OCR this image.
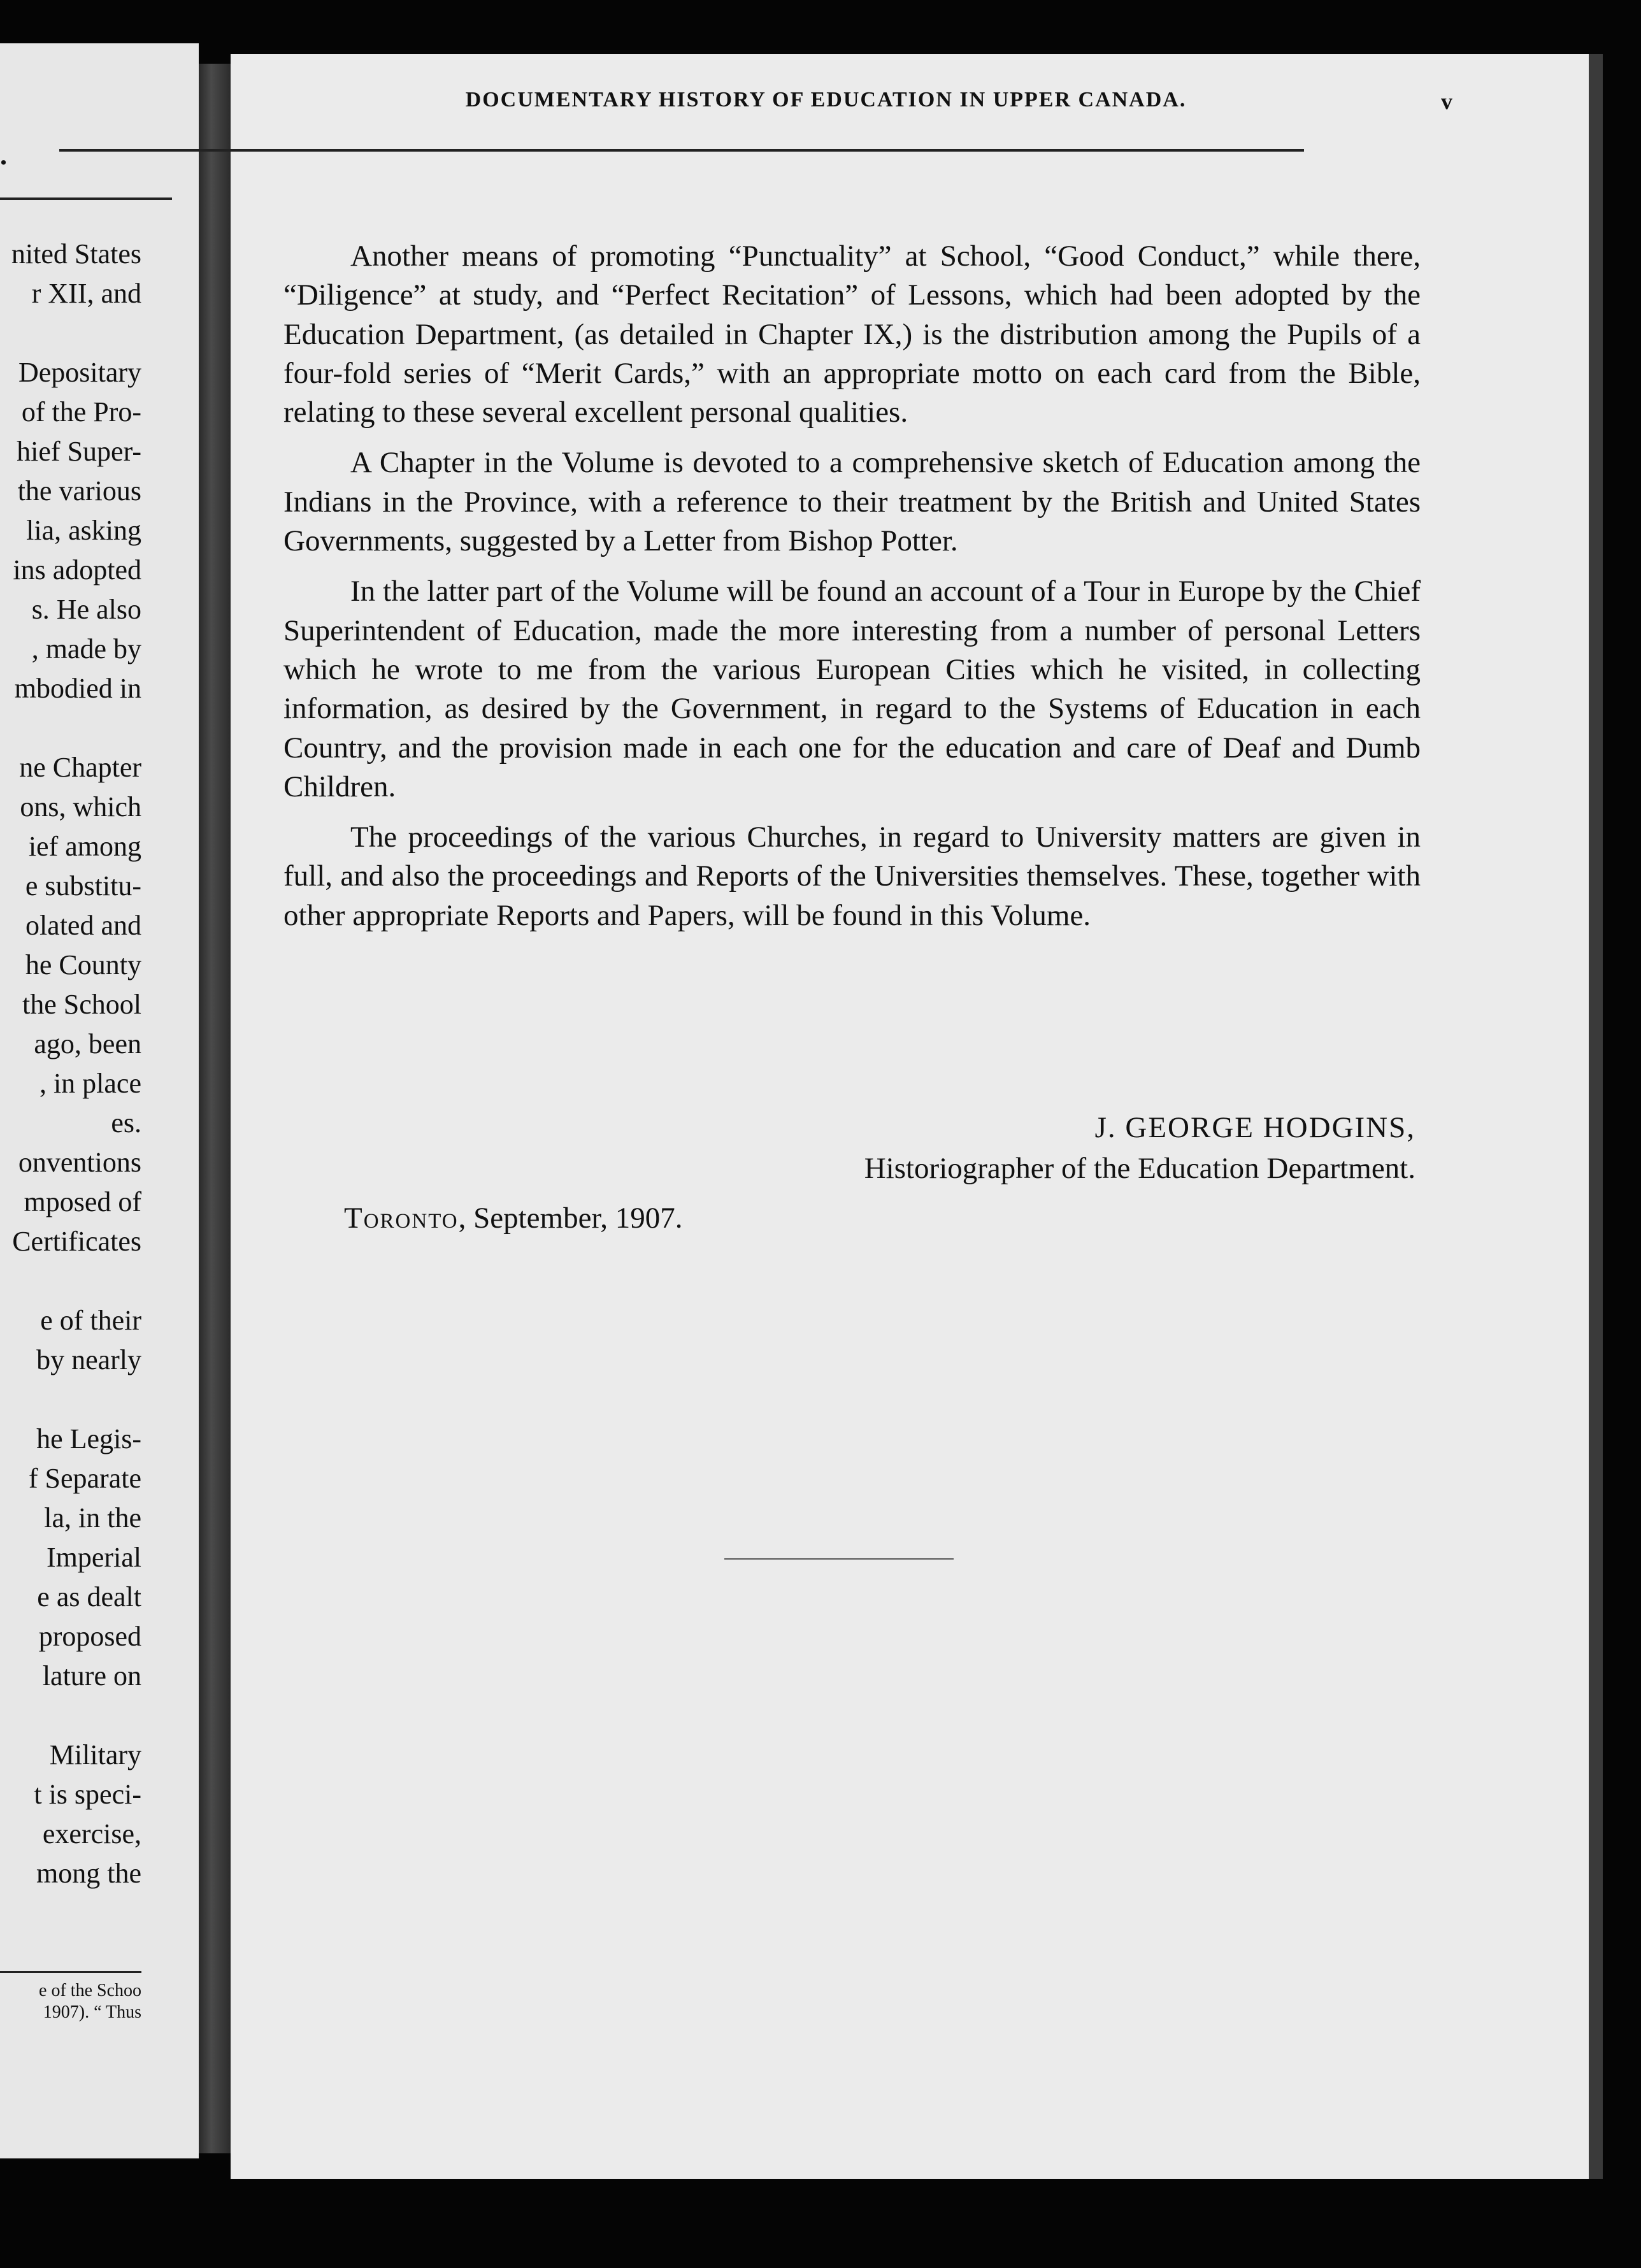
.
nited States
r XII, and
Depositary
of the Pro-
hief Super-
the various
lia, asking
ins adopted
s. He also
, made by
mbodied in
ne Chapter
ons, which
ief among
e substitu-
olated and
he County
the School
ago, been
, in place
es.
onventions
mposed of
Certificates
e of their
by nearly
he Legis-
f Separate
la, in the
Imperial
e as dealt
proposed
lature on
Military
t is speci-
exercise,
mong the
e of the Schoo
1907). “ Thus
DOCUMENTARY HISTORY OF EDUCATION IN UPPER CANADA.	v

Another means of promoting “Punctuality” at School, “Good Conduct,” while there, “Diligence” at study, and “Perfect Recitation” of Lessons, which had been adopted by the Education Department, (as detailed in Chapter IX,) is the distribution among the Pupils of a four-fold series of “Merit Cards,” with an appropriate motto on each card from the Bible, relating to these several excellent personal qualities.

A Chapter in the Volume is devoted to a comprehensive sketch of Education among the Indians in the Province, with a reference to their treatment by the British and United States Governments, suggested by a Letter from Bishop Potter.

In the latter part of the Volume will be found an account of a Tour in Europe by the Chief Superintendent of Education, made the more interesting from a number of personal Letters which he wrote to me from the various European Cities which he visited, in collecting information, as desired by the Government, in regard to the Systems of Education in each Country, and the provision made in each one for the education and care of Deaf and Dumb Children.

The proceedings of the various Churches, in regard to University matters are given in full, and also the proceedings and Reports of the Universities themselves. These, together with other appropriate Reports and Papers, will be found in this Volume.

J. GEORGE HODGINS,
Historiographer of the Education Department.
Toronto, September, 1907.
